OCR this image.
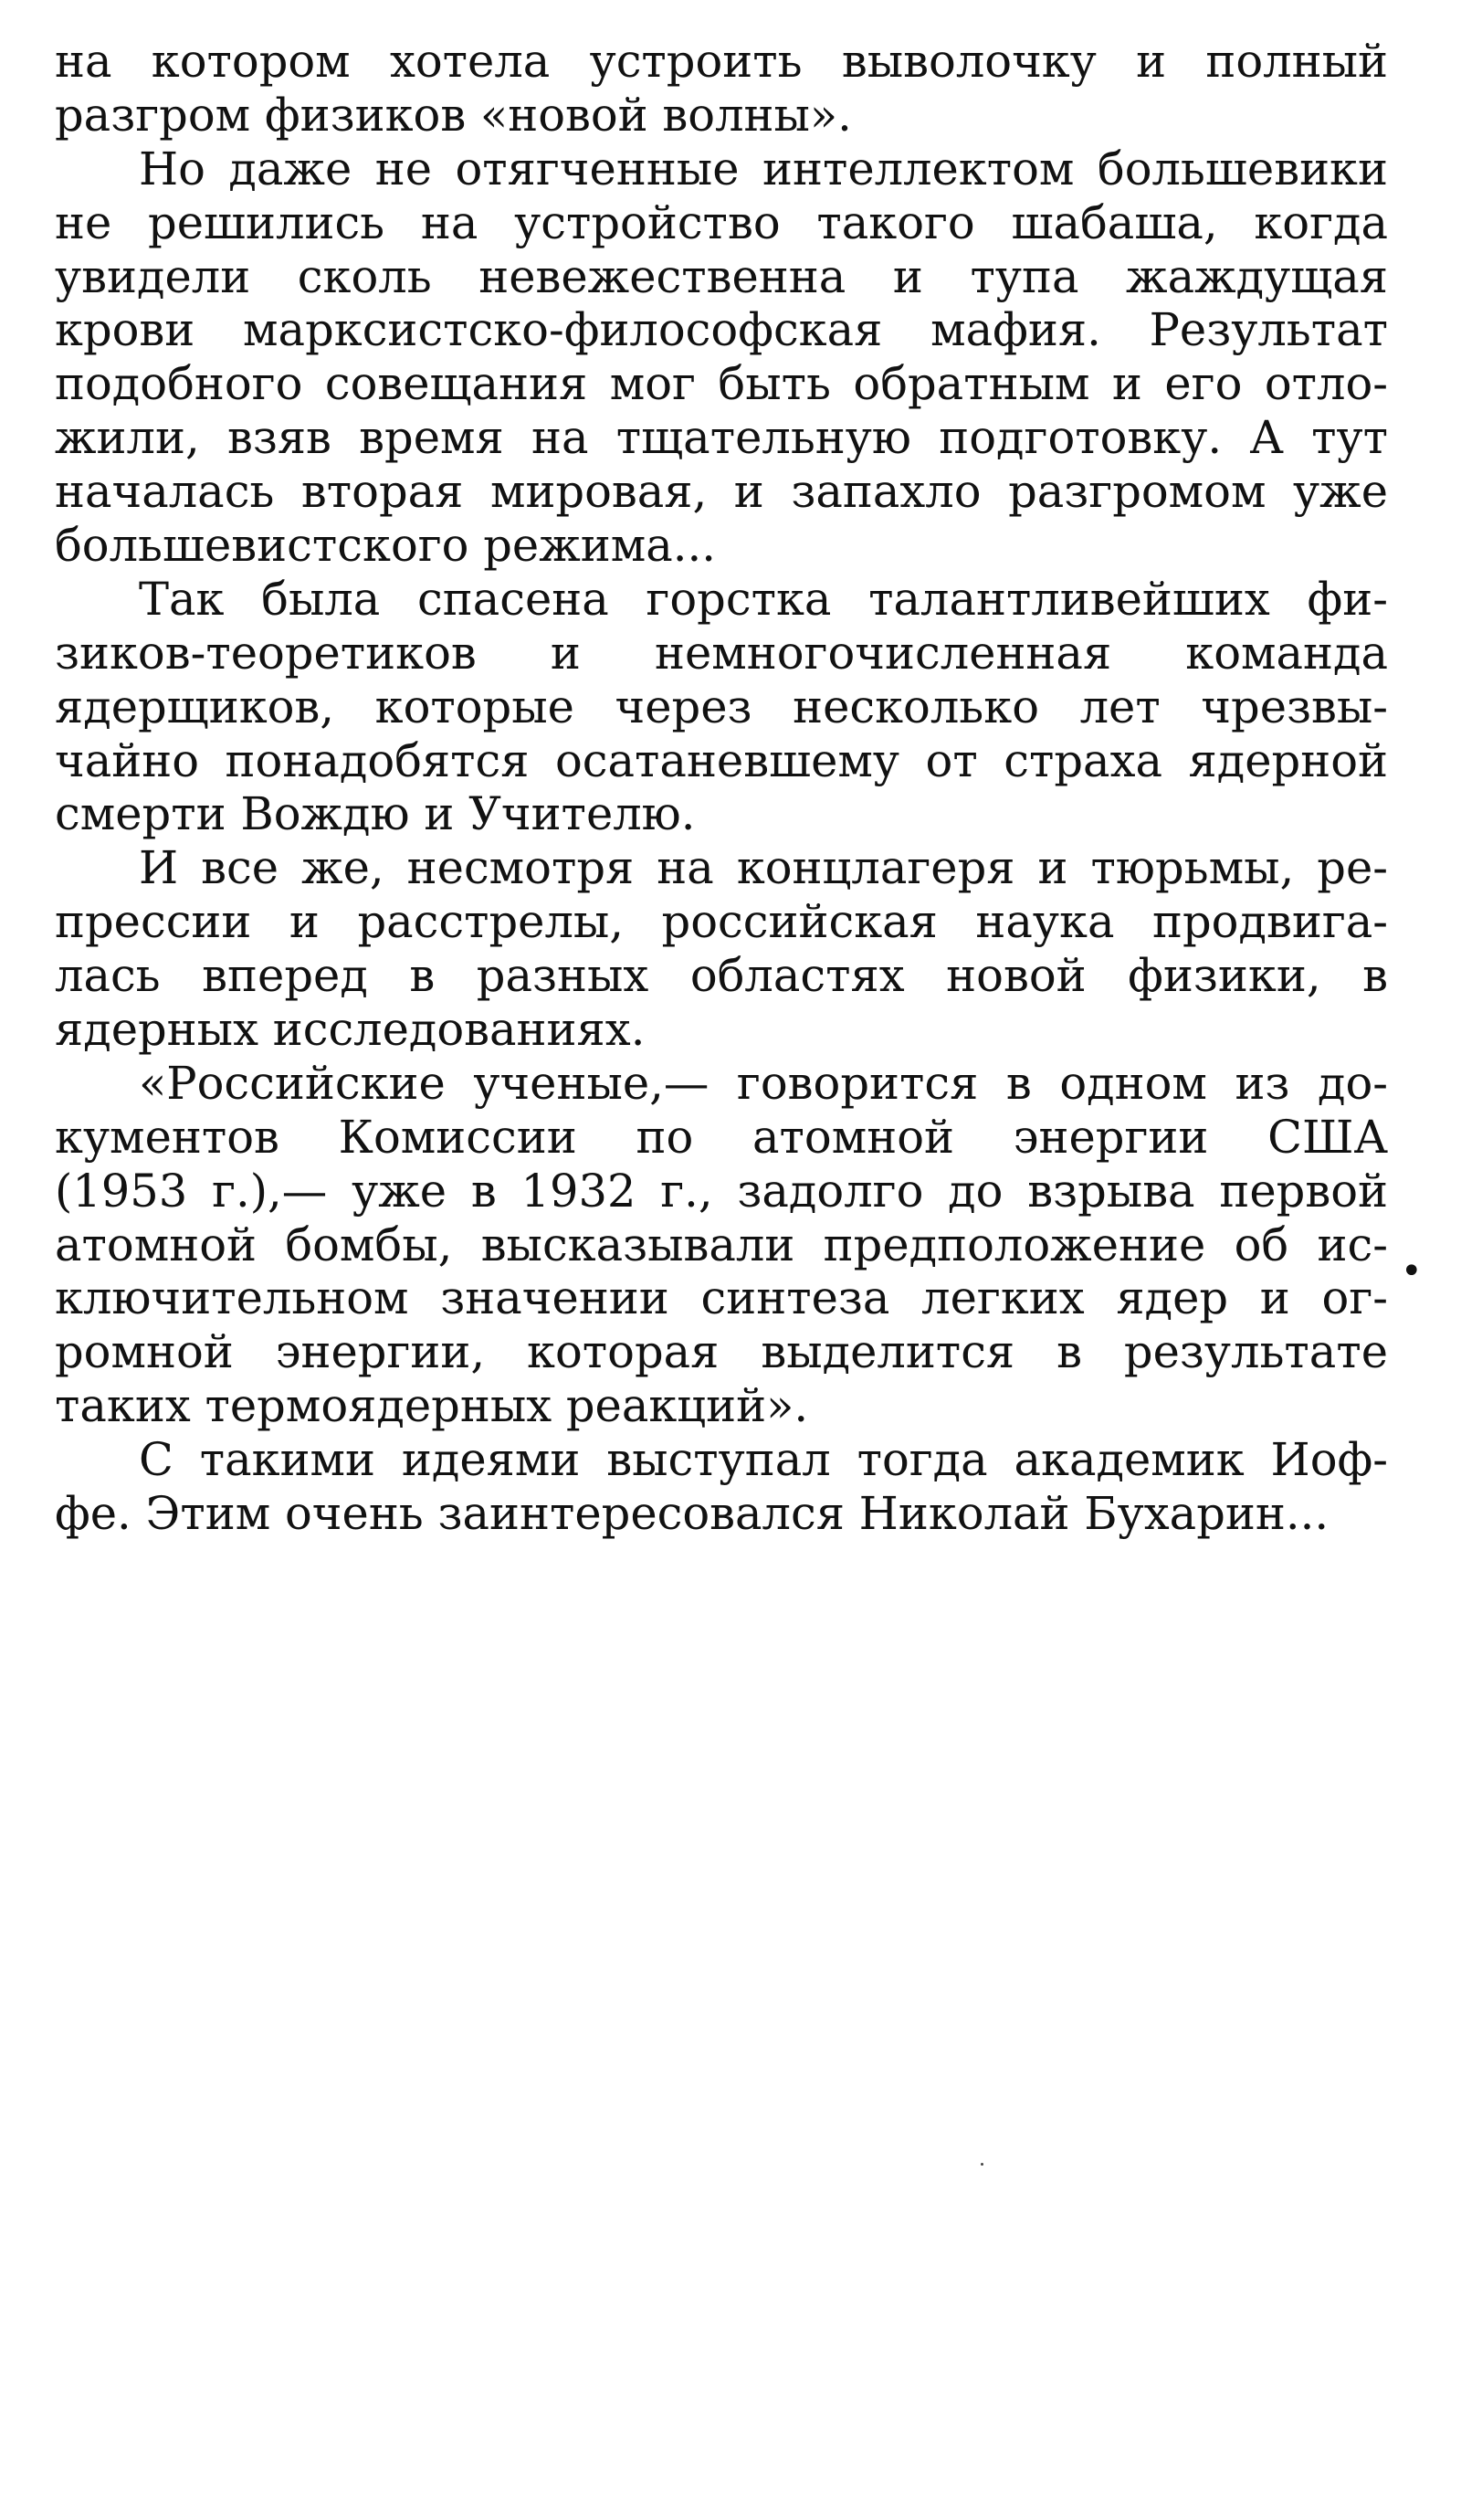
на котором хотела устроить выволочку и полный
разгром физиков «новой волны».
Но даже не отягченные интеллектом большевики
не решились на устройство такого шабаша, когда
увидели сколь невежественна и тупа жаждущая
крови марксистско-философская мафия. Результат
подобного совещания мог быть обратным и его отло-
жили, взяв время на тщательную подготовку. А тут
началась вторая мировая, и запахло разгромом уже
большевистского режима...
Так была спасена горстка талантливейших фи-
зиков-теоретиков и немногочисленная команда
ядерщиков, которые через несколько лет чрезвы-
чайно понадобятся осатаневшему от страха ядерной
смерти Вождю и Учителю.
И все же, несмотря на концлагеря и тюрьмы, ре-
прессии и расстрелы, российская наука продвига-
лась вперед в разных областях новой физики, в
ядерных исследованиях.
«Российские ученые,— говорится в одном из до-
кументов Комиссии по атомной энергии США
(1953 г.),— уже в 1932 г., задолго до взрыва первой
атомной бомбы, высказывали предположение об ис-
ключительном значении синтеза легких ядер и ог-
ромной энергии, которая выделится в результате
таких термоядерных реакций».
С такими идеями выступал тогда академик Иоф-
фе. Этим очень заинтересовался Николай Бухарин...
•
